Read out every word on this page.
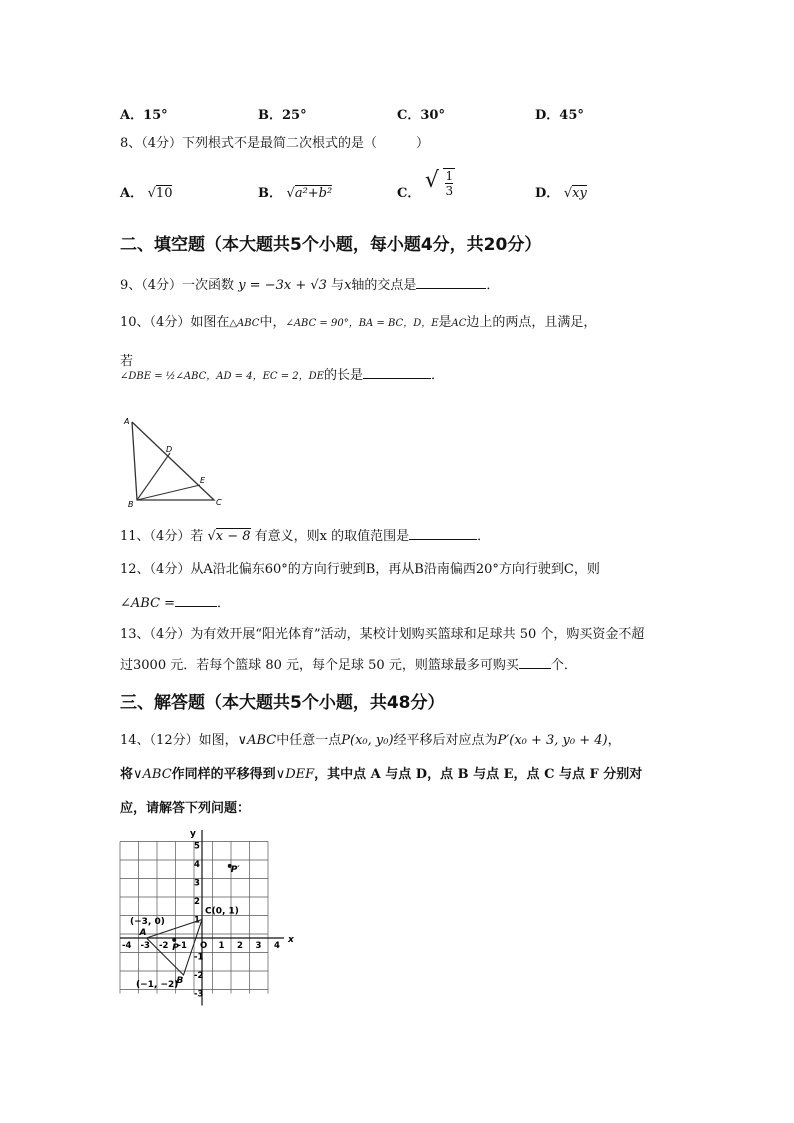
A．15°	B．25°	C．30°	D．45°
8、（4分）下列根式不是最简二次根式的是（　　　）
A． √10	B． √a²+b²	C． √ $\frac{1}{3}$	D． √xy
二、填空题（本大题共5个小题，每小题4分，共20分）
9、（4分）一次函数 y = −3x + √3 与x轴的交点是	．
10、（4分）如图在△ABC中，∠ABC = 90°，BA = BC，D，E是AC边上的两点，且满足，
若
∠DBE = ½∠ABC，AD = 4，EC = 2，DE的长是	．
A
B	C
D
E
11、（4分）若 √x − 8 有意义，则x 的取值范围是	．
12、（4分）从A沿北偏东60°的方向行驶到B，再从B沿南偏西20°方向行驶到C，则
∠ABC =	．
13、（4分）为有效开展“阳光体育”活动，某校计划购买篮球和足球共 50 个，购买资金不超
过3000 元．若每个篮球 80 元，每个足球 50 元，则篮球最多可购买 个．
三、解答题（本大题共5个小题，共48分）
14、（12分）如图，∨ABC中任意一点P(x₀, y₀)经平移后对应点为P′(x₀ + 3, y₀ + 4)，
将∨ABC作同样的平移得到∨DEF，其中点 A 与点 D，点 B 与点 E，点 C 与点 F 分别对
应，请解答下列问题：
5
4
3
2
1
-1
-2
-3
-4 -3 -2 -1 O 1 2 3 4
y
x
A
(−3, 0)
C(0, 1)
B
(−1, −2)
P
P′
